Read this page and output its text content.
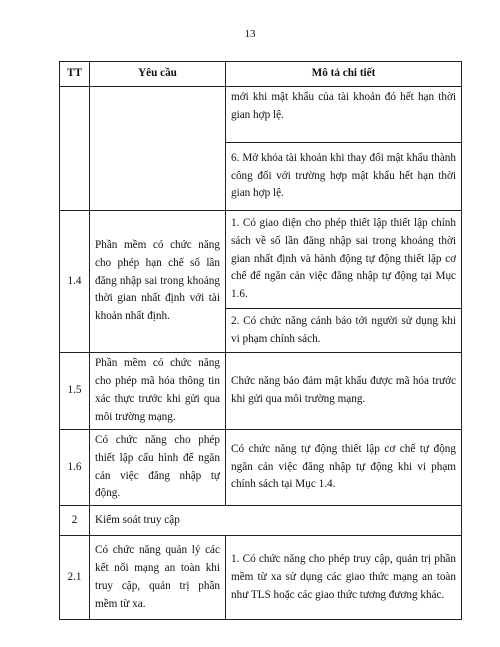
13
TT	Yêu cầu	Mô tả chi tiết
		mới khi mật khẩu của tài khoản đó hết hạn thời gian hợp lệ.
		6. Mở khóa tài khoản khi thay đổi mật khẩu thành công đối với trường hợp mật khẩu hết hạn thời gian hợp lệ.
1.4	Phần mềm có chức năng cho phép hạn chế số lần đăng nhập sai trong khoảng thời gian nhất định với tài khoản nhất định.	1. Có giao diện cho phép thiết lập thiết lập chính sách về số lần đăng nhập sai trong khoảng thời gian nhất định và hành động tự động thiết lập cơ chế để ngăn cản việc đăng nhập tự động tại Mục 1.6.
		2. Có chức năng cảnh báo tới người sử dụng khi vi phạm chính sách.
1.5	Phần mềm có chức năng cho phép mã hóa thông tin xác thực trước khi gửi qua môi trường mạng.	Chức năng bảo đảm mật khẩu được mã hóa trước khi gửi qua môi trường mạng.
1.6	Có chức năng cho phép thiết lập cấu hình để ngăn cản việc đăng nhập tự động.	Có chức năng tự động thiết lập cơ chế tự động ngăn cản việc đăng nhập tự động khi vi phạm chính sách tại Mục 1.4.
2	Kiểm soát truy cập	
2.1	Có chức năng quản lý các kết nối mạng an toàn khi truy cập, quản trị phần mềm từ xa.	1. Có chức năng cho phép truy cập, quản trị phần mềm từ xa sử dụng các giao thức mạng an toàn như TLS hoặc các giao thức tương đương khác.
